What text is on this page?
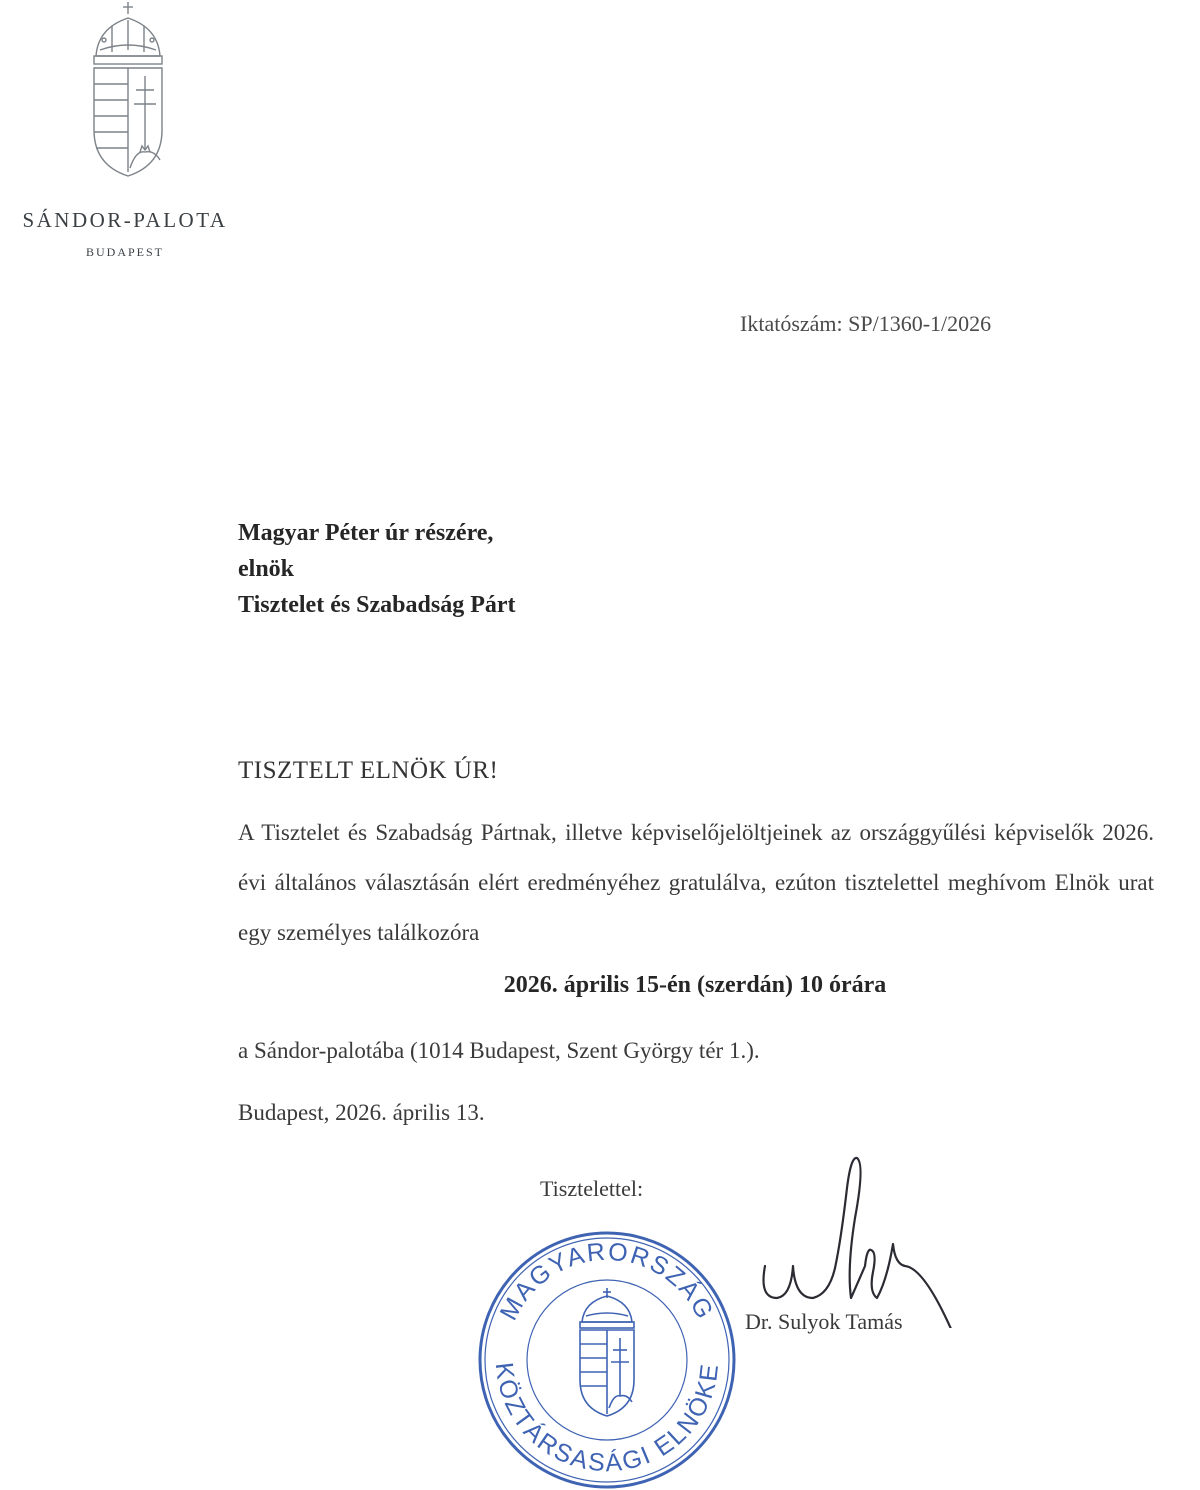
SÁNDOR-PALOTA
BUDAPEST
Iktatószám: SP/1360-1/2026
Magyar Péter úr részére,
elnök
Tisztelet és Szabadság Párt
TISZTELT ELNÖK ÚR!
A Tisztelet és Szabadság Pártnak, illetve képviselőjelöltjeinek az országgyűlési képviselők 2026. évi általános választásán elért eredményéhez gratulálva, ezúton tisztelettel meghívom Elnök urat egy személyes találkozóra
2026. április 15-én (szerdán) 10 órára
a Sándor-palotába (1014 Budapest, Szent György tér 1.).
Budapest, 2026. április 13.
Tisztelettel:
MAGYARORSZÁG
KÖZTÁRSASÁGI ELNÖKE
Dr. Sulyok Tamás
